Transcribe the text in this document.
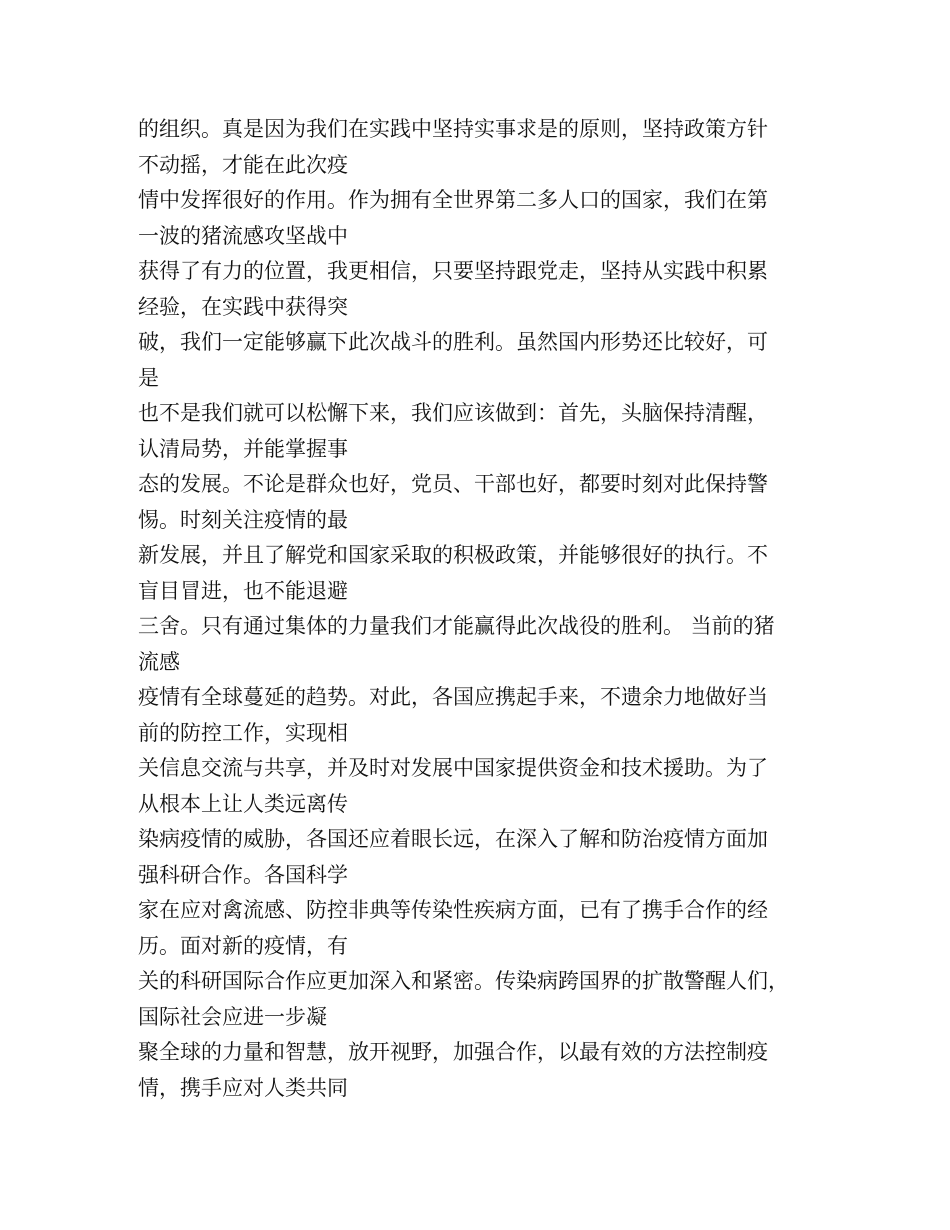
的组织。真是因为我们在实践中坚持实事求是的原则，坚持政策方针
不动摇，才能在此次疫
情中发挥很好的作用。作为拥有全世界第二多人口的国家，我们在第
一波的猪流感攻坚战中
获得了有力的位置，我更相信，只要坚持跟党走，坚持从实践中积累
经验，在实践中获得突
破，我们一定能够赢下此次战斗的胜利。虽然国内形势还比较好，可
是
也不是我们就可以松懈下来，我们应该做到：首先，头脑保持清醒，
认清局势，并能掌握事
态的发展。不论是群众也好，党员、干部也好，都要时刻对此保持警
惕。时刻关注疫情的最
新发展，并且了解党和国家采取的积极政策，并能够很好的执行。不
盲目冒进，也不能退避
三舍。只有通过集体的力量我们才能赢得此次战役的胜利。 当前的猪
流感
疫情有全球蔓延的趋势。对此，各国应携起手来，不遗余力地做好当
前的防控工作，实现相
关信息交流与共享，并及时对发展中国家提供资金和技术援助。为了
从根本上让人类远离传
染病疫情的威胁，各国还应着眼长远，在深入了解和防治疫情方面加
强科研合作。各国科学
家在应对禽流感、防控非典等传染性疾病方面，已有了携手合作的经
历。面对新的疫情，有
关的科研国际合作应更加深入和紧密。传染病跨国界的扩散警醒人们，
国际社会应进一步凝
聚全球的力量和智慧，放开视野，加强合作，以最有效的方法控制疫
情，携手应对人类共同
